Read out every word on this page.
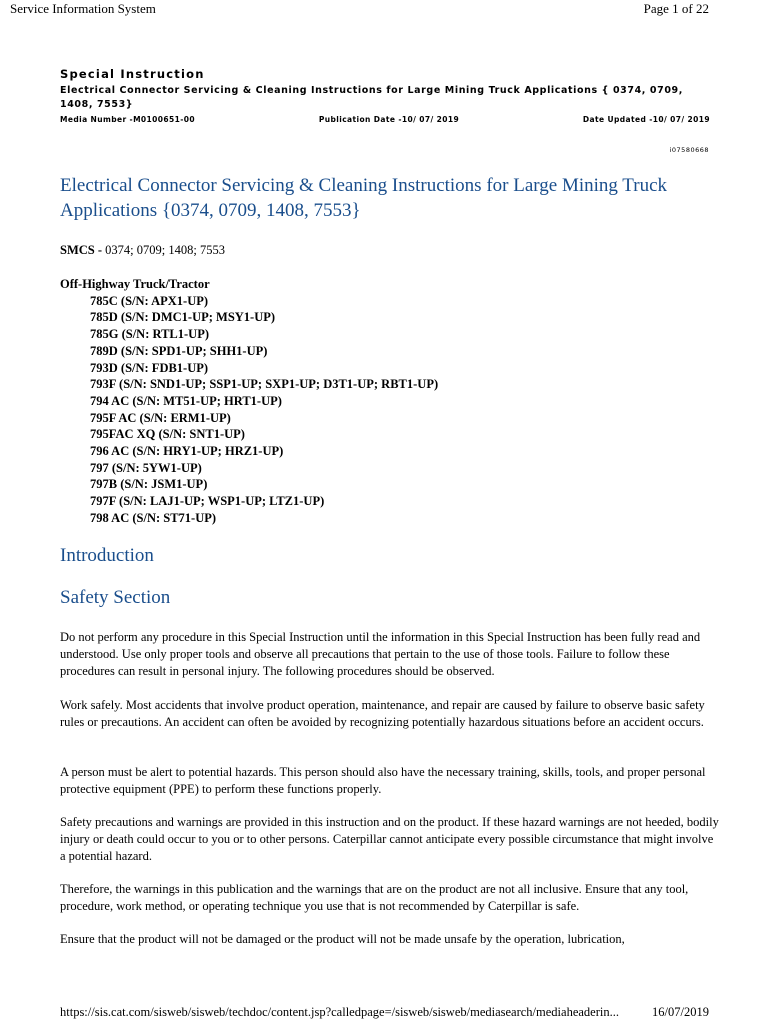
Service Information System	Page 1 of 22
Special Instruction
Electrical Connector Servicing & Cleaning Instructions for Large Mining Truck Applications { 0374, 0709, 1408, 7553}
Media Number -M0100651-00	Publication Date -10/ 07/ 2019	Date Updated -10/ 07/ 2019
i07580668
Electrical Connector Servicing & Cleaning Instructions for Large Mining Truck Applications {0374, 0709, 1408, 7553}
SMCS - 0374; 0709; 1408; 7553
Off-Highway Truck/Tractor
785C (S/N: APX1-UP)
785D (S/N: DMC1-UP; MSY1-UP)
785G (S/N: RTL1-UP)
789D (S/N: SPD1-UP; SHH1-UP)
793D (S/N: FDB1-UP)
793F (S/N: SND1-UP; SSP1-UP; SXP1-UP; D3T1-UP; RBT1-UP)
794 AC (S/N: MT51-UP; HRT1-UP)
795F AC (S/N: ERM1-UP)
795FAC XQ (S/N: SNT1-UP)
796 AC (S/N: HRY1-UP; HRZ1-UP)
797 (S/N: 5YW1-UP)
797B (S/N: JSM1-UP)
797F (S/N: LAJ1-UP; WSP1-UP; LTZ1-UP)
798 AC (S/N: ST71-UP)
Introduction
Safety Section

Do not perform any procedure in this Special Instruction until the information in this Special Instruction has been fully read and understood. Use only proper tools and observe all precautions that pertain to the use of those tools. Failure to follow these procedures can result in personal injury. The following procedures should be observed.

Work safely. Most accidents that involve product operation, maintenance, and repair are caused by failure to observe basic safety rules or precautions. An accident can often be avoided by recognizing potentially hazardous situations before an accident occurs.

A person must be alert to potential hazards. This person should also have the necessary training, skills, tools, and proper personal protective equipment (PPE) to perform these functions properly.

Safety precautions and warnings are provided in this instruction and on the product. If these hazard warnings are not heeded, bodily injury or death could occur to you or to other persons. Caterpillar cannot anticipate every possible circumstance that might involve a potential hazard.

Therefore, the warnings in this publication and the warnings that are on the product are not all inclusive. Ensure that any tool, procedure, work method, or operating technique you use that is not recommended by Caterpillar is safe.

Ensure that the product will not be damaged or the product will not be made unsafe by the operation, lubrication,

https://sis.cat.com/sisweb/sisweb/techdoc/content.jsp?calledpage=/sisweb/sisweb/mediasearch/mediaheaderin...	16/07/2019
